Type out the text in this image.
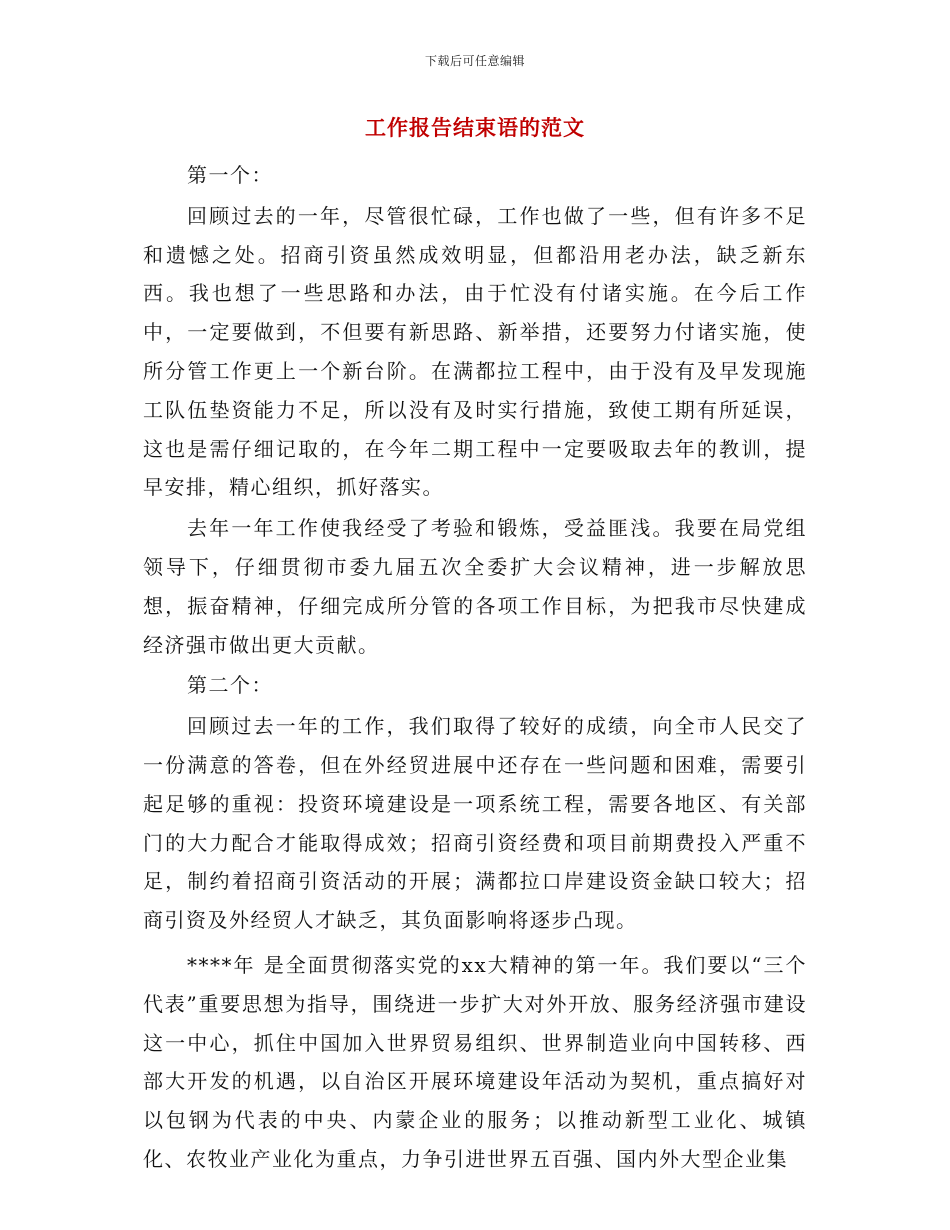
下载后可任意编辑
工作报告结束语的范文

第一个：

回顾过去的一年，尽管很忙碌，工作也做了一些，但有许多不足和遗憾之处。招商引资虽然成效明显，但都沿用老办法，缺乏新东西。我也想了一些思路和办法，由于忙没有付诸实施。在今后工作中，一定要做到，不但要有新思路、新举措，还要努力付诸实施，使所分管工作更上一个新台阶。在满都拉工程中，由于没有及早发现施工队伍垫资能力不足，所以没有及时实行措施，致使工期有所延误，这也是需仔细记取的，在今年二期工程中一定要吸取去年的教训，提早安排，精心组织，抓好落实。

去年一年工作使我经受了考验和锻炼，受益匪浅。我要在局党组领导下，仔细贯彻市委九届五次全委扩大会议精神，进一步解放思想，振奋精神，仔细完成所分管的各项工作目标，为把我市尽快建成经济强市做出更大贡献。

第二个：

回顾过去一年的工作，我们取得了较好的成绩，向全市人民交了一份满意的答卷，但在外经贸进展中还存在一些问题和困难，需要引起足够的重视：投资环境建设是一项系统工程，需要各地区、有关部门的大力配合才能取得成效；招商引资经费和项目前期费投入严重不足，制约着招商引资活动的开展；满都拉口岸建设资金缺口较大；招商引资及外经贸人才缺乏，其负面影响将逐步凸现。

****年 是全面贯彻落实党的xx大精神的第一年。我们要以“三个代表”重要思想为指导，围绕进一步扩大对外开放、服务经济强市建设这一中心，抓住中国加入世界贸易组织、世界制造业向中国转移、西部大开发的机遇，以自治区开展环境建设年活动为契机，重点搞好对以包钢为代表的中央、内蒙企业的服务；以推动新型工业化、城镇化、农牧业产业化为重点，力争引进世界五百强、国内外大型企业集
